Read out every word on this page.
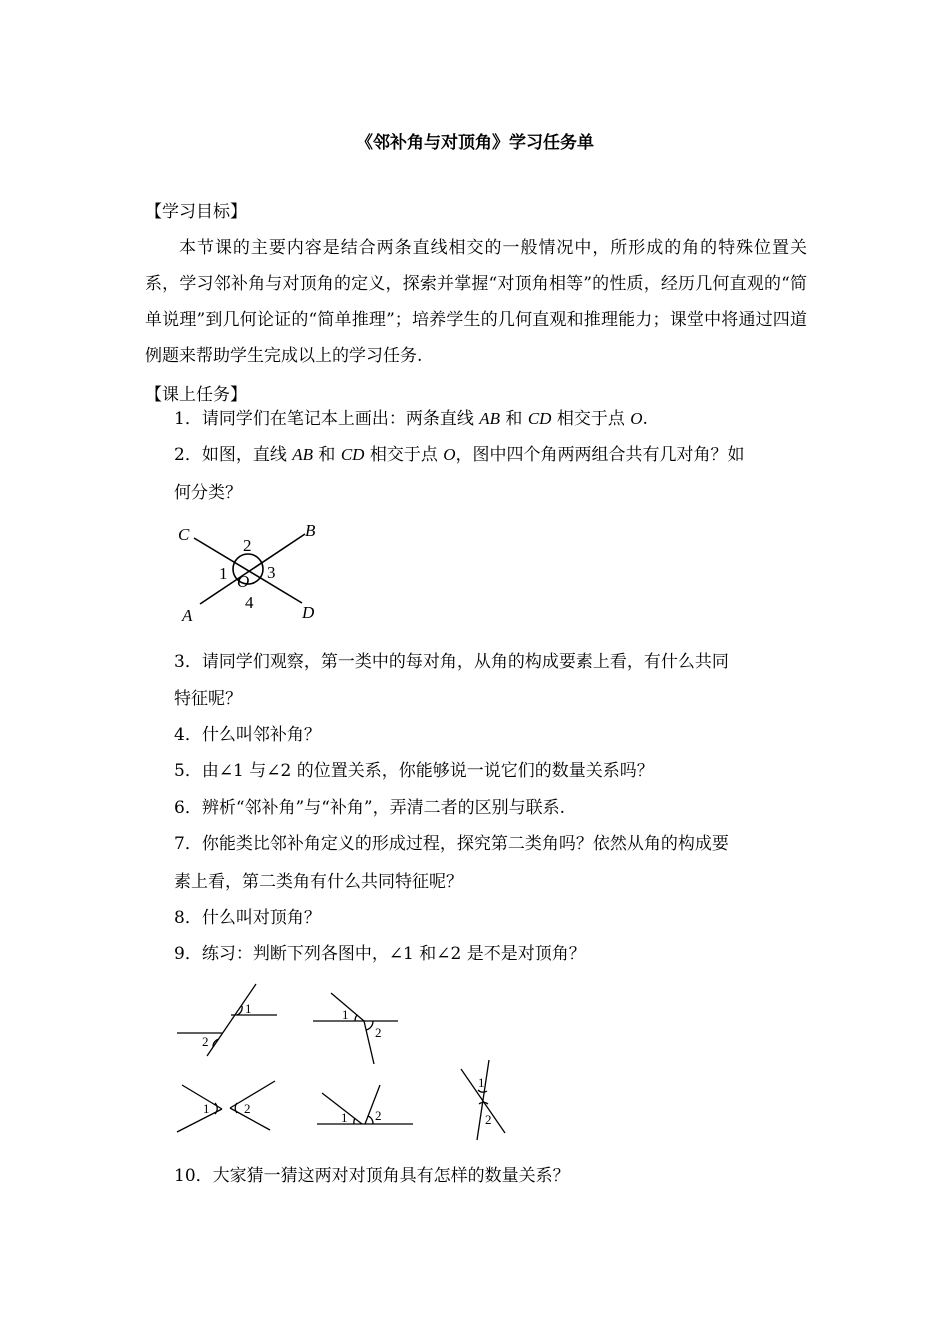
《邻补角与对顶角》学习任务单
【学习目标】
本节课的主要内容是结合两条直线相交的一般情况中，所形成的角的特殊位置关系，学习邻补角与对顶角的定义，探索并掌握“对顶角相等”的性质，经历几何直观的“简单说理”到几何论证的“简单推理”；培养学生的几何直观和推理能力；课堂中将通过四道例题来帮助学生完成以上的学习任务.
【课上任务】
1．请同学们在笔记本上画出：两条直线 AB 和 CD 相交于点 O.
2．如图，直线 AB 和 CD 相交于点 O，图中四个角两两组合共有几对角？如
何分类？
C	B
A	D
O
2
1 3
4
3．请同学们观察，第一类中的每对角，从角的构成要素上看，有什么共同
特征呢？
4．什么叫邻补角？
5．由∠1 与∠2 的位置关系，你能够说一说它们的数量关系吗？
6．辨析“邻补角”与“补角”，弄清二者的区别与联系.
7．你能类比邻补角定义的形成过程，探究第二类角吗？依然从角的构成要
素上看，第二类角有什么共同特征呢？
8．什么叫对顶角？
9．练习：判断下列各图中，∠1 和∠2 是不是对顶角？
1
2
1
2
1	2
1 2
1
2
10．大家猜一猜这两对对顶角具有怎样的数量关系？
